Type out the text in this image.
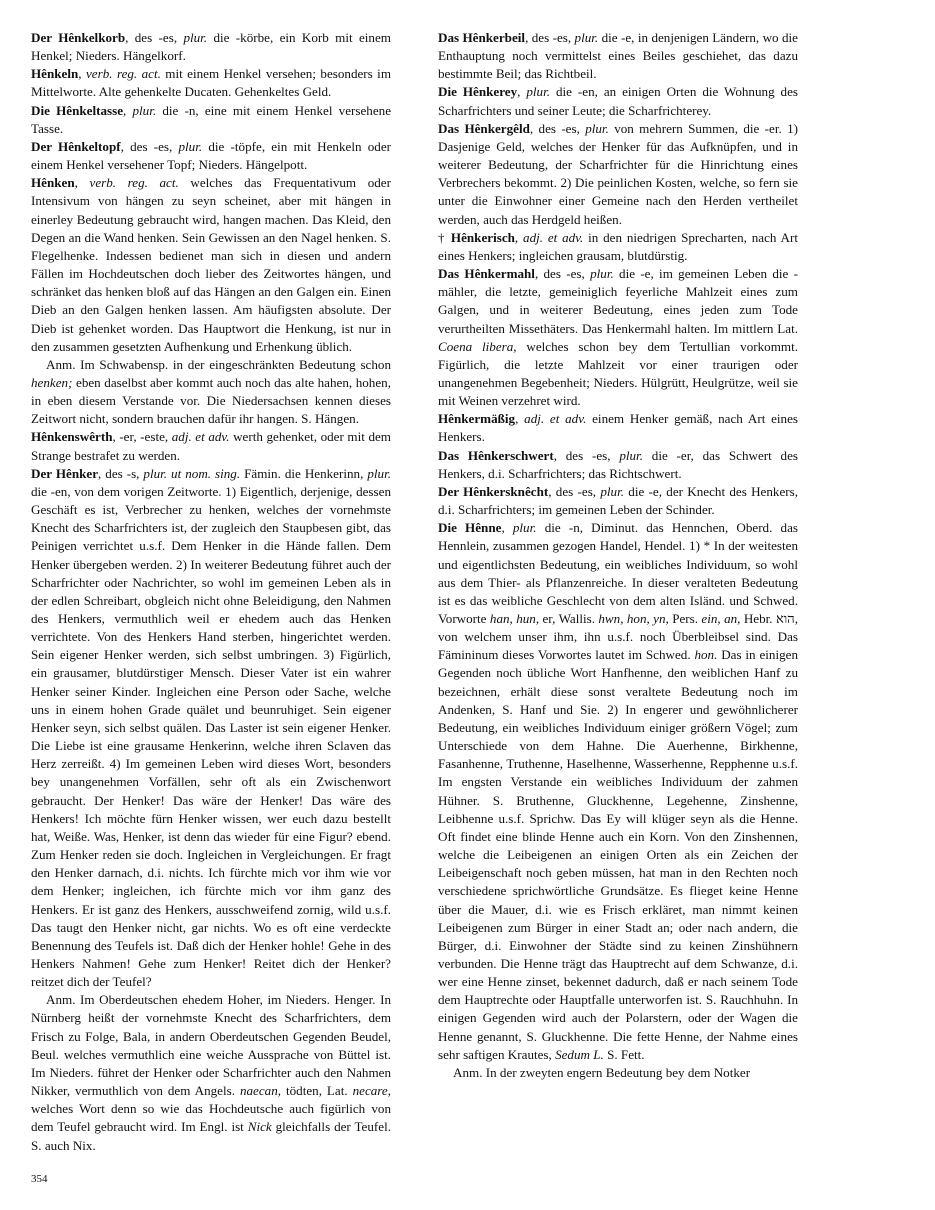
Der Hênkelkorb, des -es, plur. die -körbe, ein Korb mit einem Henkel; Nieders. Hängelkorf.

Hênkeln, verb. reg. act. mit einem Henkel versehen; besonders im Mittelworte. Alte gehenkelte Ducaten. Gehenkeltes Geld.

Die Hênkeltasse, plur. die -n, eine mit einem Henkel versehene Tasse.

Der Hênkeltopf, des -es, plur. die -töpfe, ein mit Henkeln oder einem Henkel versehener Topf; Nieders. Hängelpott.

Hênken, verb. reg. act. welches das Frequentativum oder Intensivum von hängen zu seyn scheinet, aber mit hängen in einerley Bedeutung gebraucht wird, hangen machen. Das Kleid, den Degen an die Wand henken. Sein Gewissen an den Nagel henken. S. Flegelhenke. Indessen bedienet man sich in diesen und andern Fällen im Hochdeutschen doch lieber des Zeitwortes hängen, und schränket das henken bloß auf das Hängen an den Galgen ein. Einen Dieb an den Galgen henken lassen. Am häufigsten absolute. Der Dieb ist gehenket worden. Das Hauptwort die Henkung, ist nur in den zusammen gesetzten Aufhenkung und Erhenkung üblich.

Anm. Im Schwabensp. in der eingeschränkten Bedeutung schon henken; eben daselbst aber kommt auch noch das alte hahen, hohen, in eben diesem Verstande vor. Die Niedersachsen kennen dieses Zeitwort nicht, sondern brauchen dafür ihr hangen. S. Hängen.

Hênkenswêrth, -er, -este, adj. et adv. werth gehenket, oder mit dem Strange bestrafet zu werden.

Der Hênker, des -s, plur. ut nom. sing. Fämin. die Henkerinn, plur. die -en, von dem vorigen Zeitworte. 1) Eigentlich, derjenige, dessen Geschäft es ist, Verbrecher zu henken, welches der vornehmste Knecht des Scharfrichters ist, der zugleich den Staupbesen gibt, das Peinigen verrichtet u.s.f. Dem Henker in die Hände fallen. Dem Henker übergeben werden. 2) In weiterer Bedeutung führet auch der Scharfrichter oder Nachrichter, so wohl im gemeinen Leben als in der edlen Schreibart, obgleich nicht ohne Beleidigung, den Nahmen des Henkers, vermuthlich weil er ehedem auch das Henken verrichtete. Von des Henkers Hand sterben, hingerichtet werden. Sein eigener Henker werden, sich selbst umbringen. 3) Figürlich, ein grausamer, blutdürstiger Mensch. Dieser Vater ist ein wahrer Henker seiner Kinder. Ingleichen eine Person oder Sache, welche uns in einem hohen Grade quälet und beunruhiget. Sein eigener Henker seyn, sich selbst quälen. Das Laster ist sein eigener Henker. Die Liebe ist eine grausame Henkerinn, welche ihren Sclaven das Herz zerreißt. 4) Im gemeinen Leben wird dieses Wort, besonders bey unangenehmen Vorfällen, sehr oft als ein Zwischenwort gebraucht. Der Henker! Das wäre der Henker! Das wäre des Henkers! Ich möchte fürn Henker wissen, wer euch dazu bestellt hat, Weiße. Was, Henker, ist denn das wieder für eine Figur? ebend. Zum Henker reden sie doch. Ingleichen in Vergleichungen. Er fragt den Henker darnach, d.i. nichts. Ich fürchte mich vor ihm wie vor dem Henker; ingleichen, ich fürchte mich vor ihm ganz des Henkers. Er ist ganz des Henkers, ausschweifend zornig, wild u.s.f. Das taugt den Henker nicht, gar nichts. Wo es oft eine verdeckte Benennung des Teufels ist. Daß dich der Henker hohle! Gehe in des Henkers Nahmen! Gehe zum Henker! Reitet dich der Henker? reitzet dich der Teufel?

Anm. Im Oberdeutschen ehedem Hoher, im Nieders. Henger. In Nürnberg heißt der vornehmste Knecht des Scharfrichters, dem Frisch zu Folge, Bala, in andern Oberdeutschen Gegenden Beudel, Beul. welches vermuthlich eine weiche Aussprache von Büttel ist. Im Nieders. führet der Henker oder Scharfrichter auch den Nahmen Nikker, vermuthlich von dem Angels. naecan, tödten, Lat. necare, welches Wort denn so wie das Hochdeutsche auch figürlich von dem Teufel gebraucht wird. Im Engl. ist Nick gleichfalls der Teufel. S. auch Nix.

Das Hênkerbeil, des -es, plur. die -e, in denjenigen Ländern, wo die Enthauptung noch vermittelst eines Beiles geschiehet, das dazu bestimmte Beil; das Richtbeil.

Die Hênkerey, plur. die -en, an einigen Orten die Wohnung des Scharfrichters und seiner Leute; die Scharfrichterey.

Das Hênkergêld, des -es, plur. von mehrern Summen, die -er. 1) Dasjenige Geld, welches der Henker für das Aufknüpfen, und in weiterer Bedeutung, der Scharfrichter für die Hinrichtung eines Verbrechers bekommt. 2) Die peinlichen Kosten, welche, so fern sie unter die Einwohner einer Gemeine nach den Herden vertheilet werden, auch das Herdgeld heißen.

† Hênkerisch, adj. et adv. in den niedrigen Sprecharten, nach Art eines Henkers; ingleichen grausam, blutdürstig.

Das Hênkermahl, des -es, plur. die -e, im gemeinen Leben die -mähler, die letzte, gemeiniglich feyerliche Mahlzeit eines zum Galgen, und in weiterer Bedeutung, eines jeden zum Tode verurtheilten Missethäters. Das Henkermahl halten. Im mittlern Lat. Coena libera, welches schon bey dem Tertullian vorkommt. Figürlich, die letzte Mahlzeit vor einer traurigen oder unangenehmen Begebenheit; Nieders. Hülgrütt, Heulgrütze, weil sie mit Weinen verzehret wird.

Hênkermäßig, adj. et adv. einem Henker gemäß, nach Art eines Henkers.

Das Hênkerschwert, des -es, plur. die -er, das Schwert des Henkers, d.i. Scharfrichters; das Richtschwert.

Der Hênkersknêcht, des -es, plur. die -e, der Knecht des Henkers, d.i. Scharfrichters; im gemeinen Leben der Schinder.

Die Hênne, plur. die -n, Diminut. das Hennchen, Oberd. das Hennlein, zusammen gezogen Handel, Hendel. 1) * In der weitesten und eigentlichsten Bedeutung, ein weibliches Individuum, so wohl aus dem Thier- als Pflanzenreiche. In dieser veralteten Bedeutung ist es das weibliche Geschlecht von dem alten Isländ. und Schwed. Vorworte han, hun, er, Wallis. hwn, hon, yn, Pers. ein, an, Hebr. הוא, von welchem unser ihm, ihn u.s.f. noch Überbleibsel sind. Das Fämininum dieses Vorwortes lautet im Schwed. hon. Das in einigen Gegenden noch übliche Wort Hanfhenne, den weiblichen Hanf zu bezeichnen, erhält diese sonst veraltete Bedeutung noch im Andenken, S. Hanf und Sie. 2) In engerer und gewöhnlicherer Bedeutung, ein weibliches Individuum einiger größern Vögel; zum Unterschiede von dem Hahne. Die Auerhenne, Birkhenne, Fasanhenne, Truthenne, Haselhenne, Wasserhenne, Repphenne u.s.f. Im engsten Verstande ein weibliches Individuum der zahmen Hühner. S. Bruthenne, Gluckhenne, Legehenne, Zinshenne, Leibhenne u.s.f. Sprichw. Das Ey will klüger seyn als die Henne. Oft findet eine blinde Henne auch ein Korn. Von den Zinshennen, welche die Leibeigenen an einigen Orten als ein Zeichen der Leibeigenschaft noch geben müssen, hat man in den Rechten noch verschiedene sprichwörtliche Grundsätze. Es flieget keine Henne über die Mauer, d.i. wie es Frisch erkläret, man nimmt keinen Leibeigenen zum Bürger in einer Stadt an; oder nach andern, die Bürger, d.i. Einwohner der Städte sind zu keinen Zinshühnern verbunden. Die Henne trägt das Hauptrecht auf dem Schwanze, d.i. wer eine Henne zinset, bekennet dadurch, daß er nach seinem Tode dem Hauptrechte oder Hauptfalle unterworfen ist. S. Rauchhuhn. In einigen Gegenden wird auch der Polarstern, oder der Wagen die Henne genannt, S. Gluckhenne. Die fette Henne, der Nahme eines sehr saftigen Krautes, Sedum L. S. Fett.

Anm. In der zweyten engern Bedeutung bey dem Notker

354
